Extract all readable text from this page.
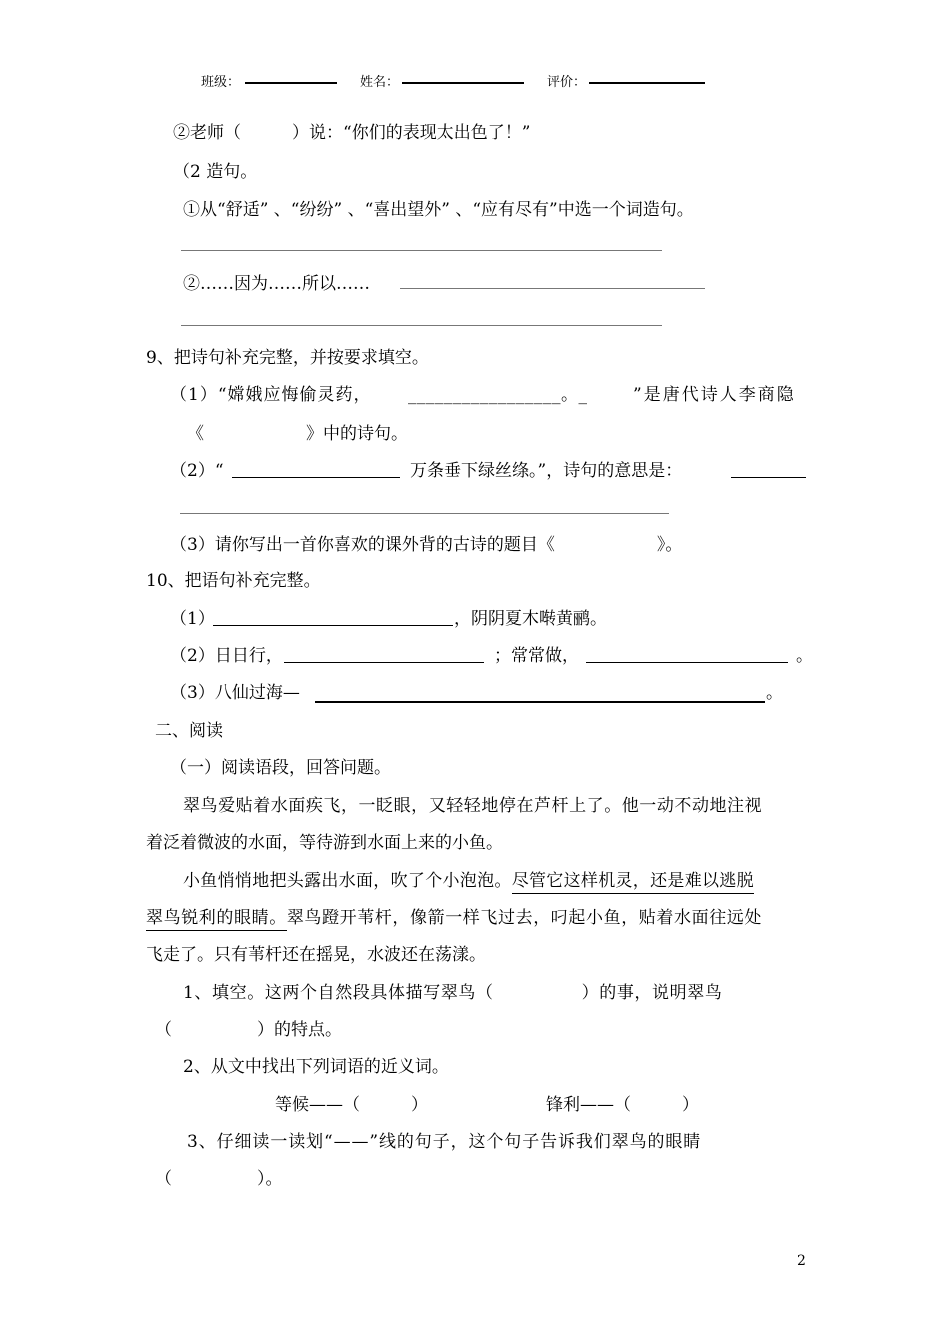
班级：	姓名：	评价：
②老师（　　　）说：“你们的表现太出色了！”
（2 造句。
①从“舒适” 、“纷纷” 、“喜出望外” 、“应有尽有”中选一个词造句。
②……因为……所以……
9、把诗句补充完整，并按要求填空。
（1）“嫦娥应悔偷灵药， _________________。_	”是唐代诗人李商隐
《　　　　　　》中的诗句。
（2）“	万条垂下绿丝绦。”，诗句的意思是：
（3）请你写出一首你喜欢的课外背的古诗的题目《　　　　　　》。
10、把语句补充完整。
（1）	，阴阴夏木啭黄鹂。
（2）日日行，	；常常做，	。
（3）八仙过海—	。
二、阅读
（一）阅读语段，回答问题。
翠鸟爱贴着水面疾飞，一眨眼，又轻轻地停在芦杆上了。他一动不动地注视
着泛着微波的水面，等待游到水面上来的小鱼。
小鱼悄悄地把头露出水面，吹了个小泡泡。尽管它这样机灵，还是难以逃脱
翠鸟锐利的眼睛。翠鸟蹬开苇杆，像箭一样飞过去，叼起小鱼，贴着水面往远处
飞走了。只有苇杆还在摇晃，水波还在荡漾。
1、填空。这两个自然段具体描写翠鸟（　　　　　）的事，说明翠鸟
（　　　　　）的特点。
2、从文中找出下列词语的近义词。
等候——（　　　）	锋利——（　　　）
3、仔细读一读划“——”线的句子，这个句子告诉我们翠鸟的眼睛
（　　　　　）。
2
